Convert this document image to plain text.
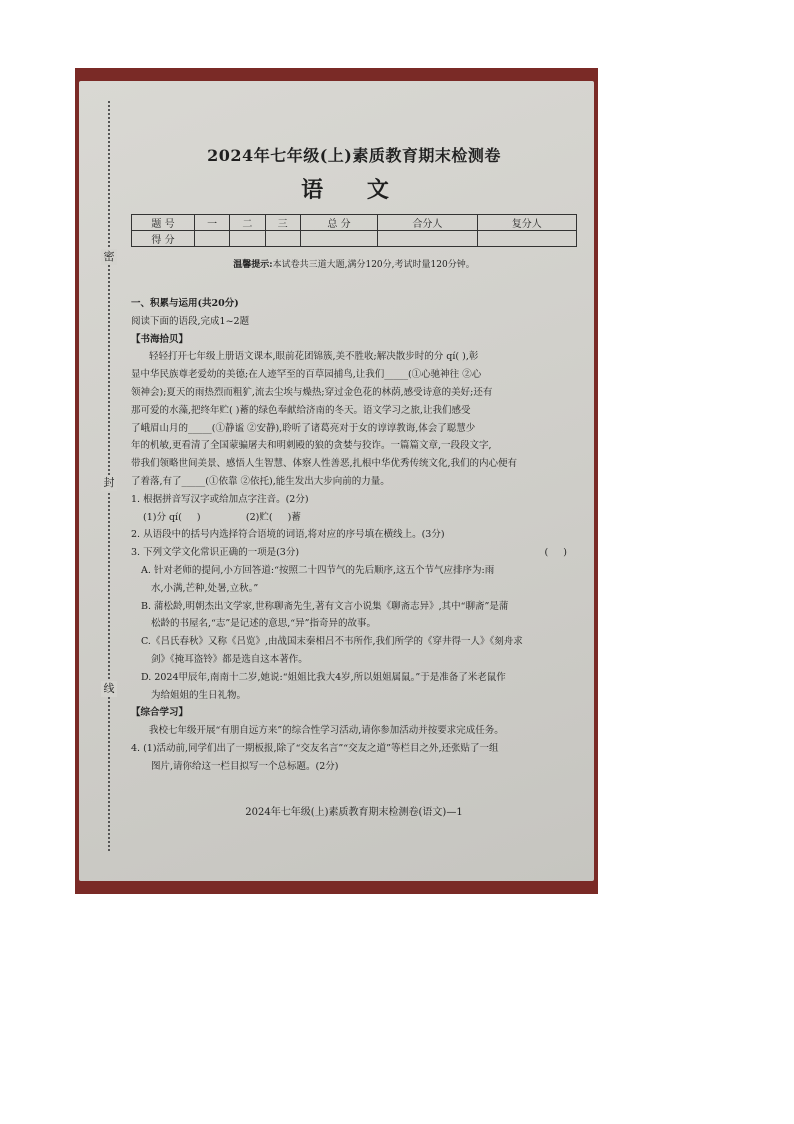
密
封
线
2024年七年级(上)素质教育期末检测卷
语 文
题 号	一	二	三	总 分	合分人	复分人
得 分						
温馨提示:本试卷共三道大题,满分120分,考试时量120分钟。
一、积累与运用(共20分)
阅读下面的语段,完成1~2题
【书海拾贝】
轻轻打开七年级上册语文课本,眼前花团锦簇,美不胜收;解决散步时的分 qí( ),彰
显中华民族尊老爱幼的美德;在人迹罕至的百草园捕鸟,让我们_____(①心驰神往 ②心
领神会);夏天的雨热烈而粗犷,流去尘埃与燥热;穿过金色花的林荫,感受诗意的美好;还有
那可爱的水藻,把终年贮( )蓄的绿色奉献给济南的冬天。语文学习之旅,让我们感受
了峨眉山月的_____(①静谧 ②安静),聆听了诸葛亮对于女的谆谆教诲,体会了聪慧少
年的机敏,更看清了全国蒙骗屠夫和明刺殿的狼的贪婪与狡诈。一篇篇文章,一段段文字,
带我们领略世间美景、感悟人生智慧、体察人性善恶,扎根中华优秀传统文化,我们的内心便有
了着落,有了_____(①依靠 ②依托),能生发出大步向前的力量。
1. 根据拼音写汉字或给加点字注音。(2分)
(1)分 qí(     )               (2)贮(     )蓄
2. 从语段中的括号内选择符合语境的词语,将对应的序号填在横线上。(3分)
3. 下列文学文化常识正确的一项是(3分)	(     )
A. 针对老师的提问,小方回答道:“按照二十四节气的先后顺序,这五个节气应排序为:雨
水,小满,芒种,处暑,立秋。”
B. 蒲松龄,明朝杰出文学家,世称聊斋先生,著有文言小说集《聊斋志异》,其中“聊斋”是蒲
松龄的书屋名,“志”是记述的意思,“异”指奇异的故事。
C.《吕氏春秋》又称《吕览》,由战国末秦相吕不韦所作,我们所学的《穿井得一人》《刻舟求
剑》《掩耳盗铃》都是选自这本著作。
D. 2024甲辰年,南南十二岁,她说:“姐姐比我大4岁,所以姐姐属鼠。”于是准备了米老鼠作
为给姐姐的生日礼物。
【综合学习】
我校七年级开展“有朋自远方来”的综合性学习活动,请你参加活动并按要求完成任务。
4. (1)活动前,同学们出了一期板报,除了“交友名言”“交友之道”等栏目之外,还张贴了一组
图片,请你给这一栏目拟写一个总标题。(2分)
2024年七年级(上)素质教育期末检测卷(语文)—1
